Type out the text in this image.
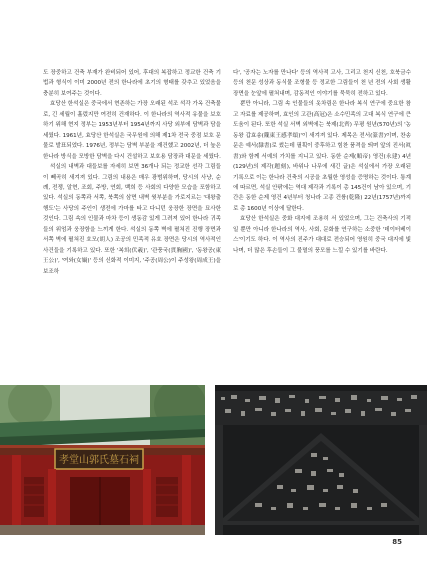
도 장중하고 건축 부재가 완비되어 있어, 후대의 복잡하고 정교한 건축 기법과 형식이 이미 2000년 전의 한나라에 초기의 형태를 갖추고 있었음을 충분히 보여주는 것이다.

효당산 한석실은 중국에서 현존하는 가장 오래된 석조 석각 가옥 건축물로, 긴 세월이 흘렀지만 여전히 건재하다. 이 한나라의 역사적 유물을 보호하기 위해 현지 정부는 1953년부터 1954년까지 사당 외부에 담벽과 담을 세웠다. 1961년, 효당산 한석실은 국무원에 의해 제1차 전국 중점 보호 문물로 발표되었다. 1976년, 정부는 담벽 부분을 재건했고 2002년, 더 높은 한나라 방식을 모방한 담벽을 다시 건설하고 보호용 담장과 대문을 세웠다.

석실의 내벽과 대들보를 자세히 보면 36개나 되는 정교한 선각 그림들이 빼곡히 새겨져 있다. 그림의 내용은 매우 광범위하며, 당시의 사냥, 순례, 전쟁, 알현, 조회, 주방, 연회, 백희 등 사회의 다양한 모습을 포함하고 있다. 석실의 동쪽과 서쪽, 북쪽의 삼면 내벽 윗부분을 가로지르는 '대왕출행도'는 사당의 주인이 생전에 가마를 타고 다니던 웅장한 장면을 묘사한 것인다. 그림 속의 인물과 마차 등이 생동감 있게 그려져 있어 한나라 귀족들의 위엄과 웅장함을 느끼게 한다. 석실의 동쪽 벽에 펼쳐진 진행 장면과 서쪽 벽에 펼쳐진 호모(胡人) 조공의 민족적 유호 장면은 당시의 역사적인 사건들을 기록하고 있다. 또한 '복희(伏羲)', '관풍국(貫胸國)', '동왕공(東王公)', '여와(女媧)' 등의 신화적 이미지, '주공(周公)이 주성왕(周成王)을 보조하

다', '공자는 노자를 만나다' 등의 역사적 고사, 그리고 천지 신천, 호북금수 등의 천문 성상과 동식물 조형물 등 정교한 그림들이 천 년 전의 사회 생활 장면을 눈앞에 펼쳐내며, 감동적인 이야기를 묵묵히 전하고 있다.

뿐만 아니라, 그림 속 인물들의 옷차림은 한나라 복식 연구에 중요한 참고 자료를 제공하며, 효인의 고관(高冠)은 소수민족의 고대 복식 연구에 큰 도움이 된다. 또한 석실 서벽 외벽에는 북제(北齊) 무평 원년(570년)의 '농동왕 갑효송(隴東王感孝頌)'이 새겨져 있다. 제목은 전서(篆書)이며, 찬송문은 예서(隸書)로 썼는데 필획이 중후하고 힘찬 품격을 띄며 앞의 진서(眞書)와 함께 서예의 가치를 지니고 있다. 동한 순제(順帝) 영건(永建) 4년(129년)의 제각(題刻), 바위나 나무에 새긴 글)은 석실에서 가장 오래된 기록으로 이는 한나라 건축의 시공을 초월한 영성을 증명하는 것이다. 통계에 따르면, 석실 안팎에는 역대 제각과 기록이 총 145건이 남아 있으며, 기간은 동한 순제 영건 4년부터 청나라 고종 건륭(乾隆) 22년(1757년)까지로 총 1600년 이상에 달한다.

효당산 한석실은 중화 대지에 조용히 서 있었으며, 그는 건축사의 기적일 뿐만 아니라 한나라의 역사, 사회, 문화를 연구하는 소중한 '데이터베이스'이기도 하다. 이 역사의 진주가 대대로 전승되어 영원히 중국 대지에 빛나며, 더 많은 후손들이 그 불멸의 풍모를 느낄 수 있기를 바란다.

孝堂山郭氏墓石祠
85
